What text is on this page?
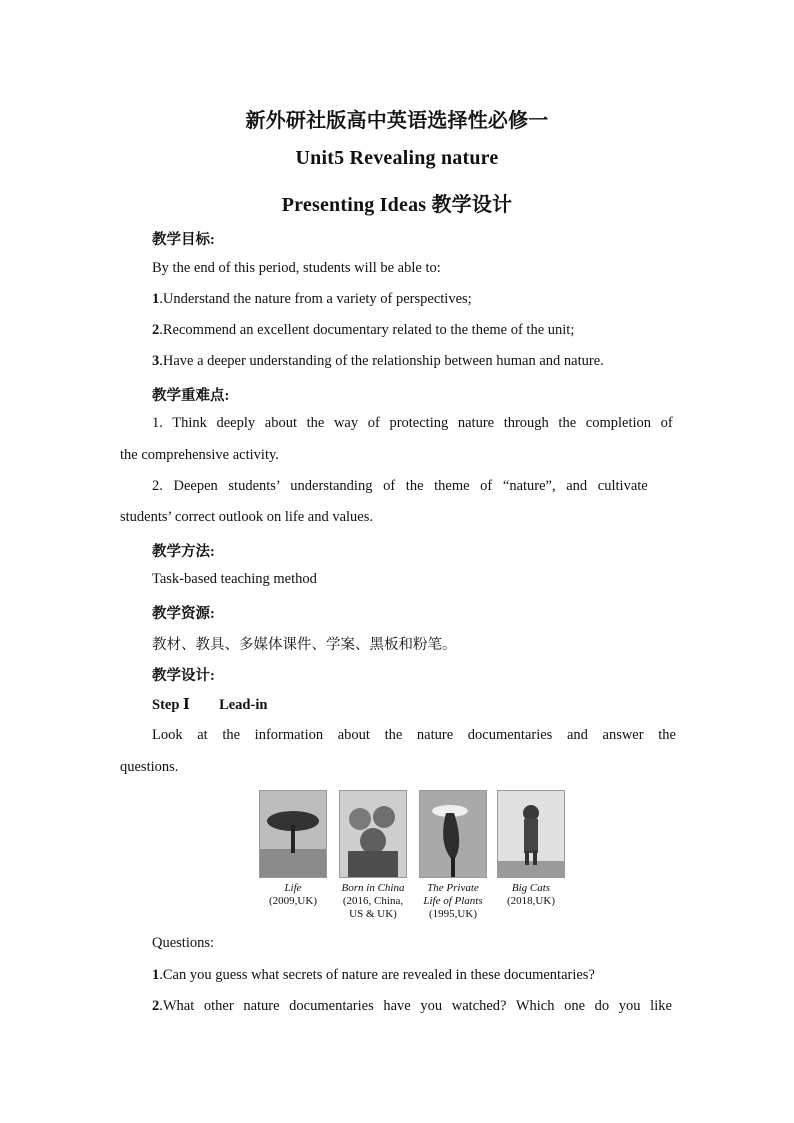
新外研社版高中英语选择性必修一
Unit5 Revealing nature
Presenting Ideas 教学设计
教学目标:
By the end of this period, students will be able to:
1.Understand the nature from a variety of perspectives;
2.Recommend an excellent documentary related to the theme of the unit;
3.Have a deeper understanding of the relationship between human and nature.
教学重难点:
1. Think deeply about the way of protecting nature through the completion of
the comprehensive activity.
2. Deepen students’ understanding of the theme of “nature”, and cultivate
students’ correct outlook on life and values.
教学方法:
Task-based teaching method
教学资源:
教材、教具、多媒体课件、学案、黑板和粉笔。
教学设计:
Step Ⅰ Lead-in
Look at the information about the nature documentaries and answer the
questions.
Life
(2009,UK)
Born in China
(2016, China, US & UK)
The Private Life of Plants
(1995,UK)
Big Cats
(2018,UK)
Questions:
1.Can you guess what secrets of nature are revealed in these documentaries?
2.What other nature documentaries have you watched? Which one do you like
